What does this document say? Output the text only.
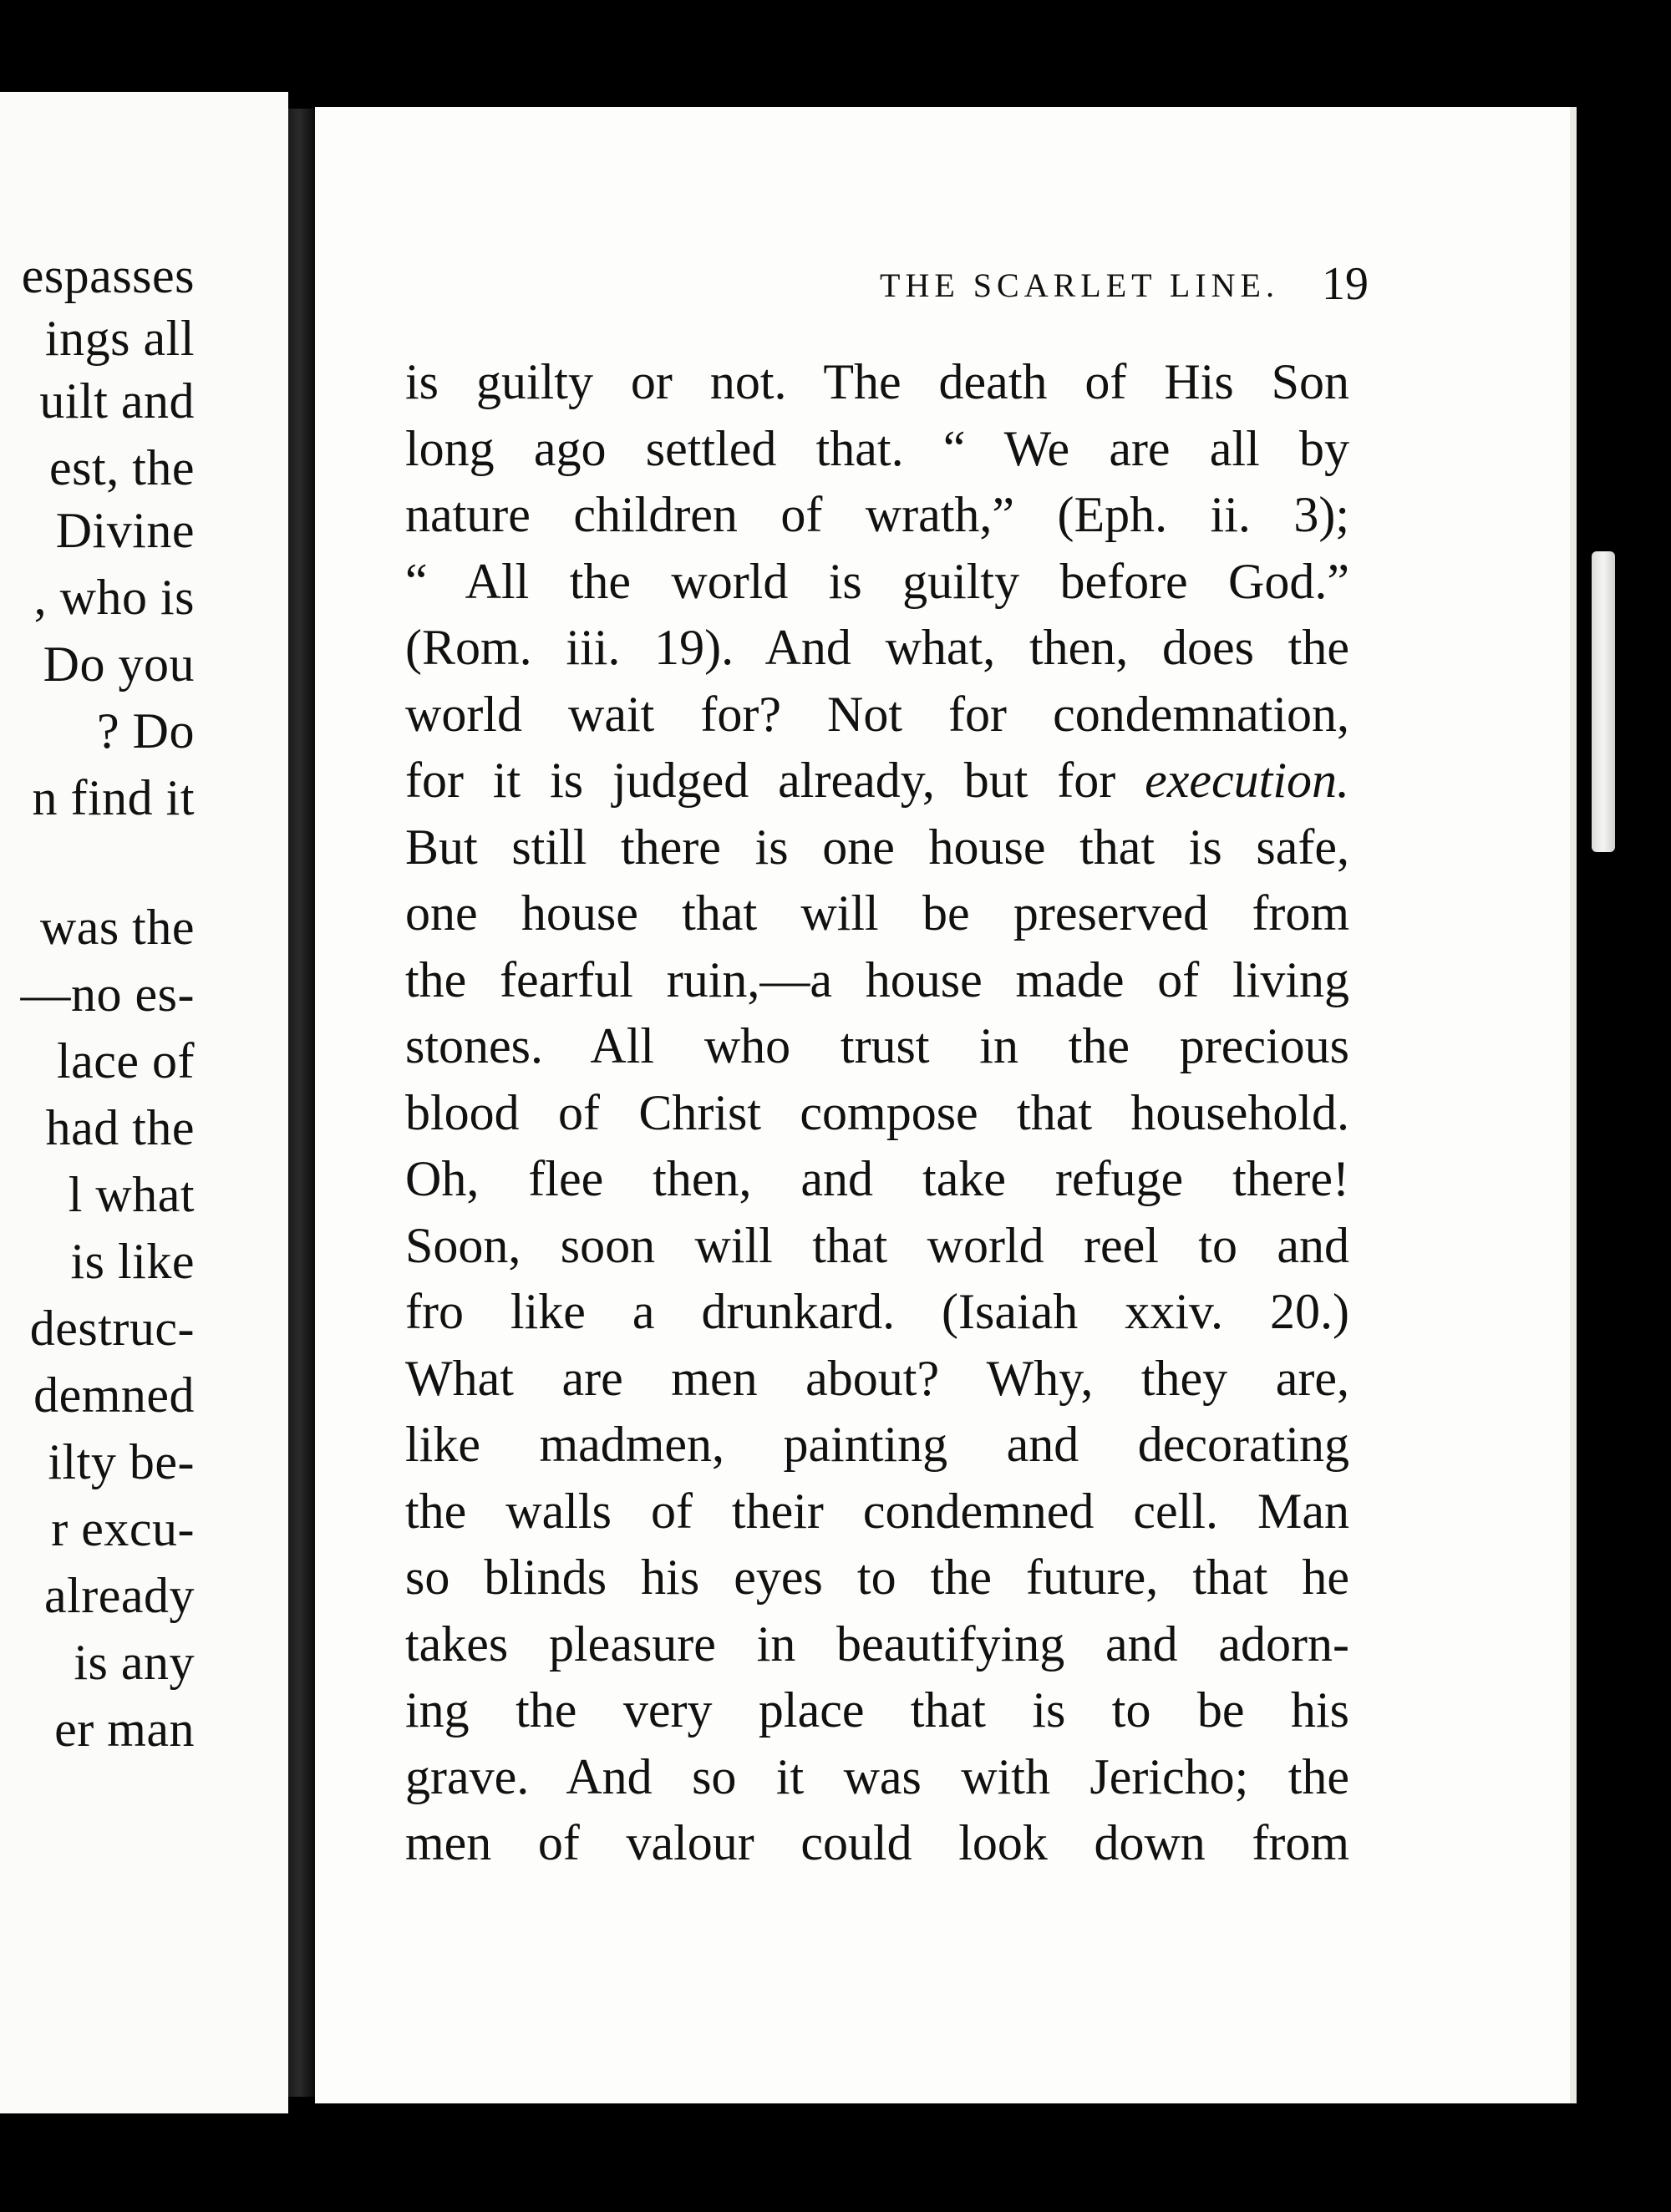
espasses
ings all
uilt and
est, the
Divine
, who is
Do you
? Do
n find it
was the
—no es-
lace of
had the
l what
is like
destruc-
demned
ilty be-
r excu-
already
is any
er man
THE SCARLET LINE. 19
is guilty or not. The death of His Son
long ago settled that. “ We are all by
nature children of wrath,” (Eph. ii. 3);
“ All the world is guilty before God.”
(Rom. iii. 19). And what, then, does the
world wait for? Not for condemnation,
for it is judged already, but for execution.
But still there is one house that is safe,
one house that will be preserved from
the fearful ruin,—a house made of living
stones. All who trust in the precious
blood of Christ compose that household.
Oh, flee then, and take refuge there!
Soon, soon will that world reel to and
fro like a drunkard. (Isaiah xxiv. 20.)
What are men about? Why, they are,
like madmen, painting and decorating
the walls of their condemned cell. Man
so blinds his eyes to the future, that he
takes pleasure in beautifying and adorn-
ing the very place that is to be his
grave. And so it was with Jericho; the
men of valour could look down from
